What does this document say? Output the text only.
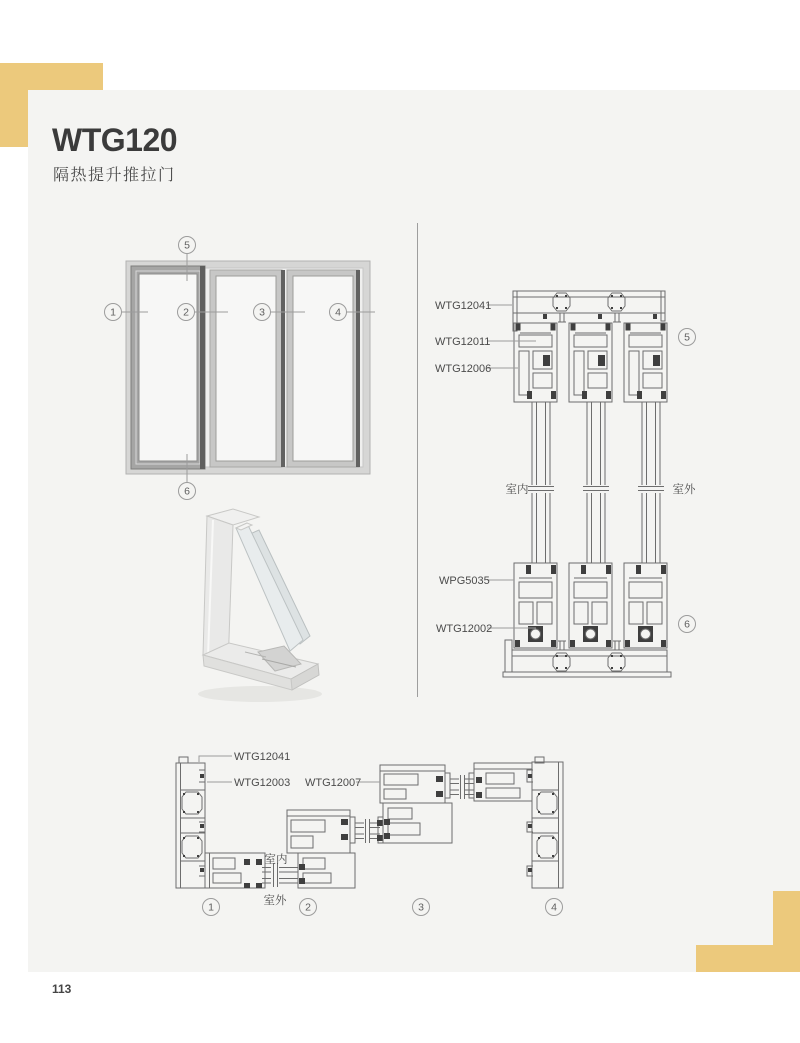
1	2	3	4
5
6
WTG12041
WTG12011
WTG12006
WPG5035
WTG12002
室内	室外
5
6
WTG12041
WTG12003 WTG12007
室内
室外
1	2	3	4
WTG120
隔热提升推拉门
113
